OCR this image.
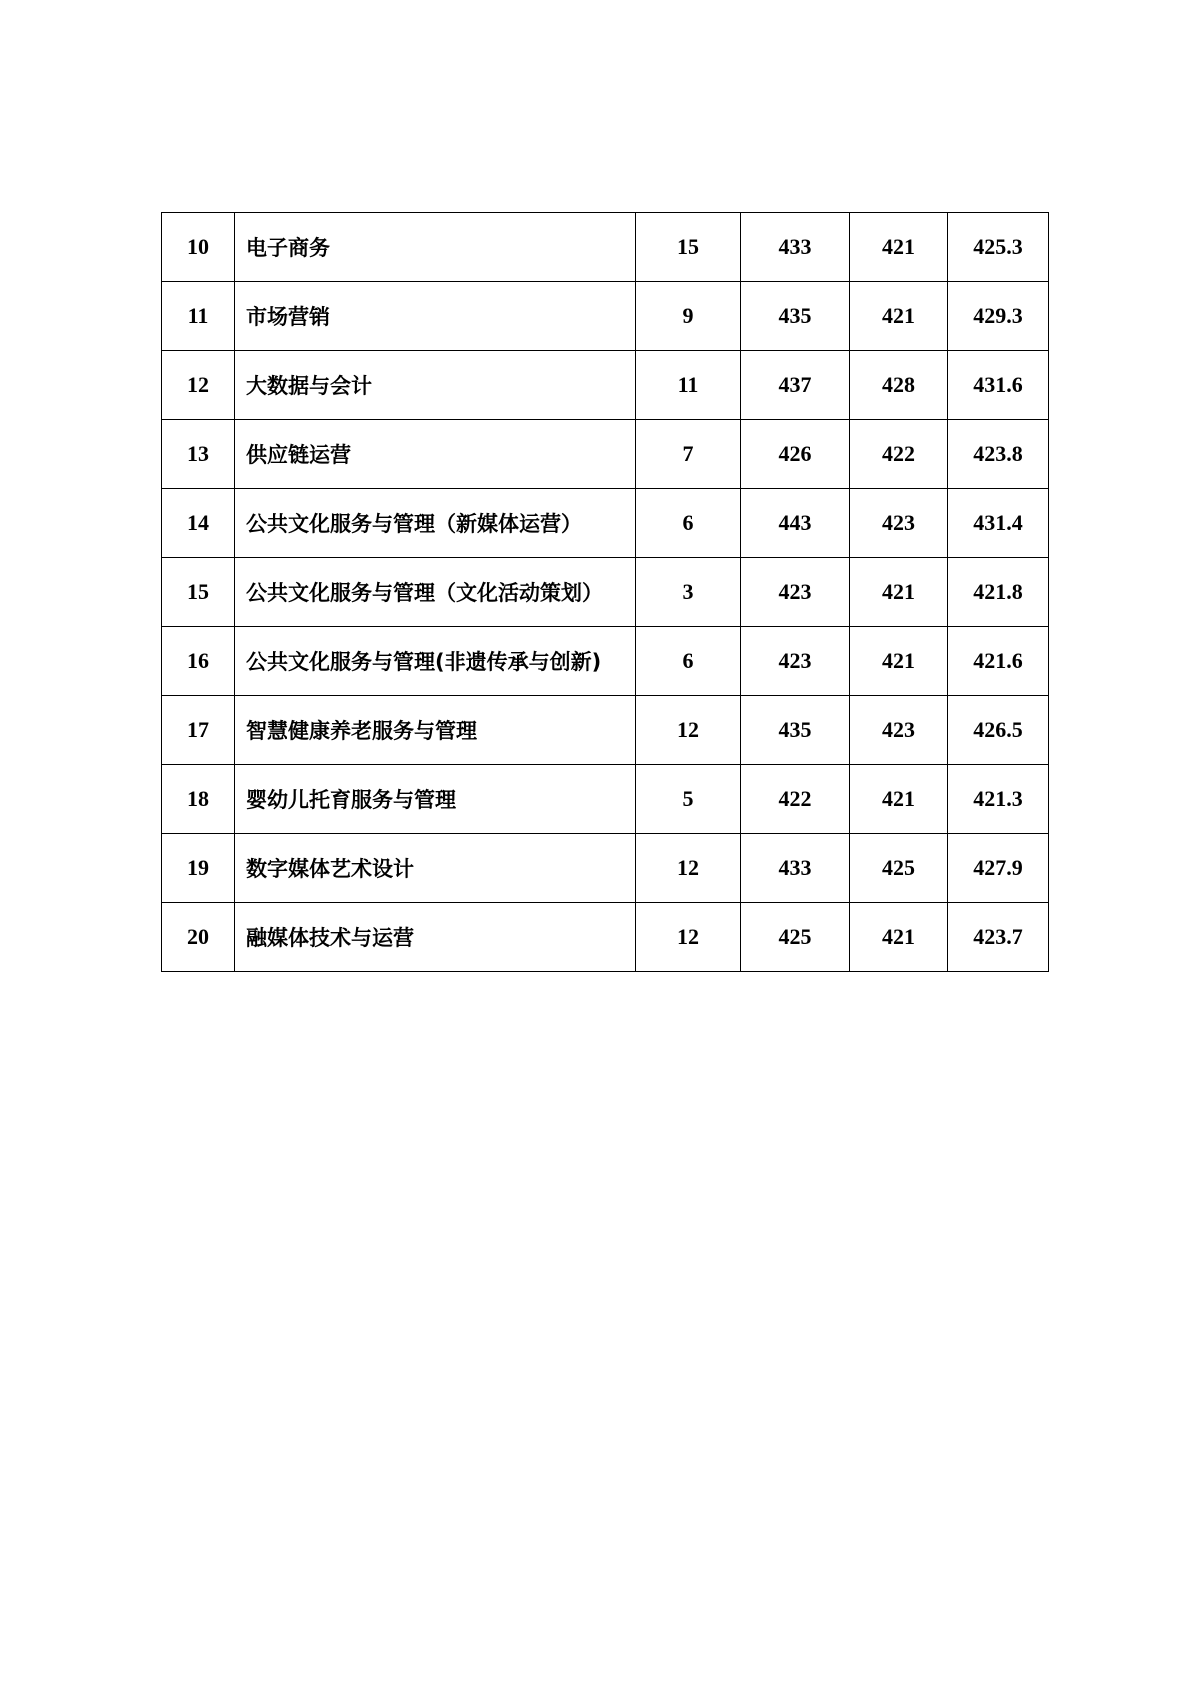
10	电子商务	15	433	421	425.3
11	市场营销	9	435	421	429.3
12	大数据与会计	11	437	428	431.6
13	供应链运营	7	426	422	423.8
14	公共文化服务与管理（新媒体运营）	6	443	423	431.4
15	公共文化服务与管理（文化活动策划）	3	423	421	421.8
16	公共文化服务与管理(非遗传承与创新)	6	423	421	421.6
17	智慧健康养老服务与管理	12	435	423	426.5
18	婴幼儿托育服务与管理	5	422	421	421.3
19	数字媒体艺术设计	12	433	425	427.9
20	融媒体技术与运营	12	425	421	423.7
